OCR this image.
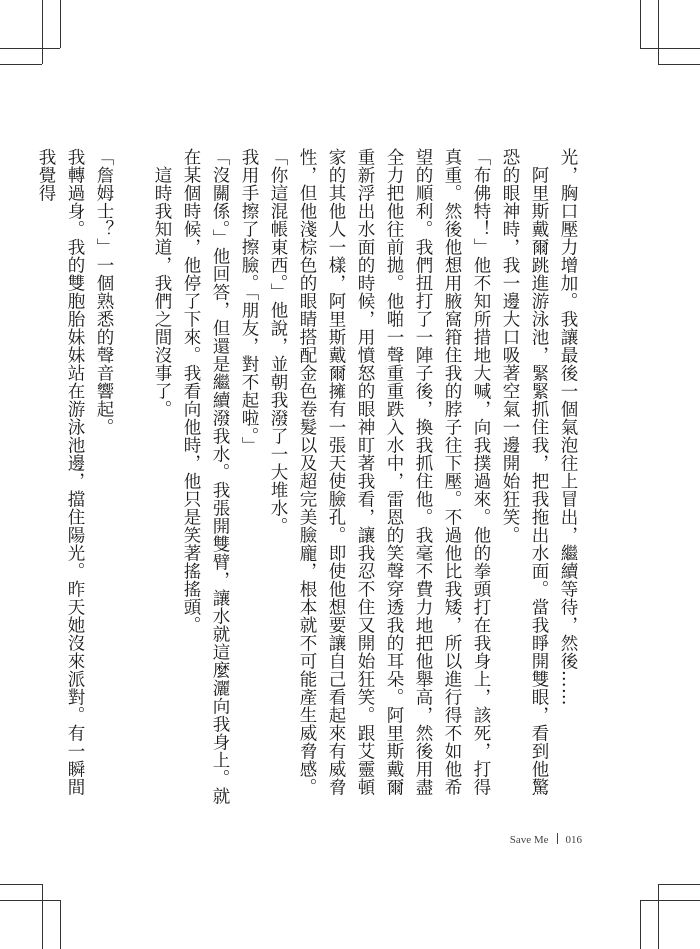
光，胸口壓力增加。我讓最後一個氣泡往上冒出，繼續等待，然後……

阿里斯戴爾跳進游泳池，緊緊抓住我，把我拖出水面。當我睜開雙眼，看到他驚恐的眼神時，我一邊大口吸著空氣一邊開始狂笑。

「布佛特！」他不知所措地大喊，向我撲過來。他的拳頭打在我身上，該死，打得真重。然後他想用腋窩箝住我的脖子往下壓。不過他比我矮，所以進行得不如他希望的順利。我們扭打了一陣子後，換我抓住他。我毫不費力地把他舉高，然後用盡全力把他往前拋。他啪一聲重重跌入水中，雷恩的笑聲穿透我的耳朵。阿里斯戴爾重新浮出水面的時候，用憤怒的眼神盯著我看，讓我忍不住又開始狂笑。跟艾靈頓家的其他人一樣，阿里斯戴爾擁有一張天使臉孔。即使他想要讓自己看起來有威脅性，但他淺棕色的眼睛搭配金色卷髮以及超完美臉龐，根本就不可能產生威脅感。

「你這混帳東西。」他說，並朝我潑了一大堆水。

我用手擦了擦臉。「朋友，對不起啦。」

「沒關係。」他回答，但還是繼續潑我水。我張開雙臂，讓水就這麼灑向我身上。就在某個時候，他停了下來。我看向他時，他只是笑著搖搖頭。

這時我知道，我們之間沒事了。

「詹姆士？」一個熟悉的聲音響起。

我轉過身。我的雙胞胎妹妹站在游泳池邊，擋住陽光。昨天她沒來派對。有一瞬間我覺得

Save Me 016
